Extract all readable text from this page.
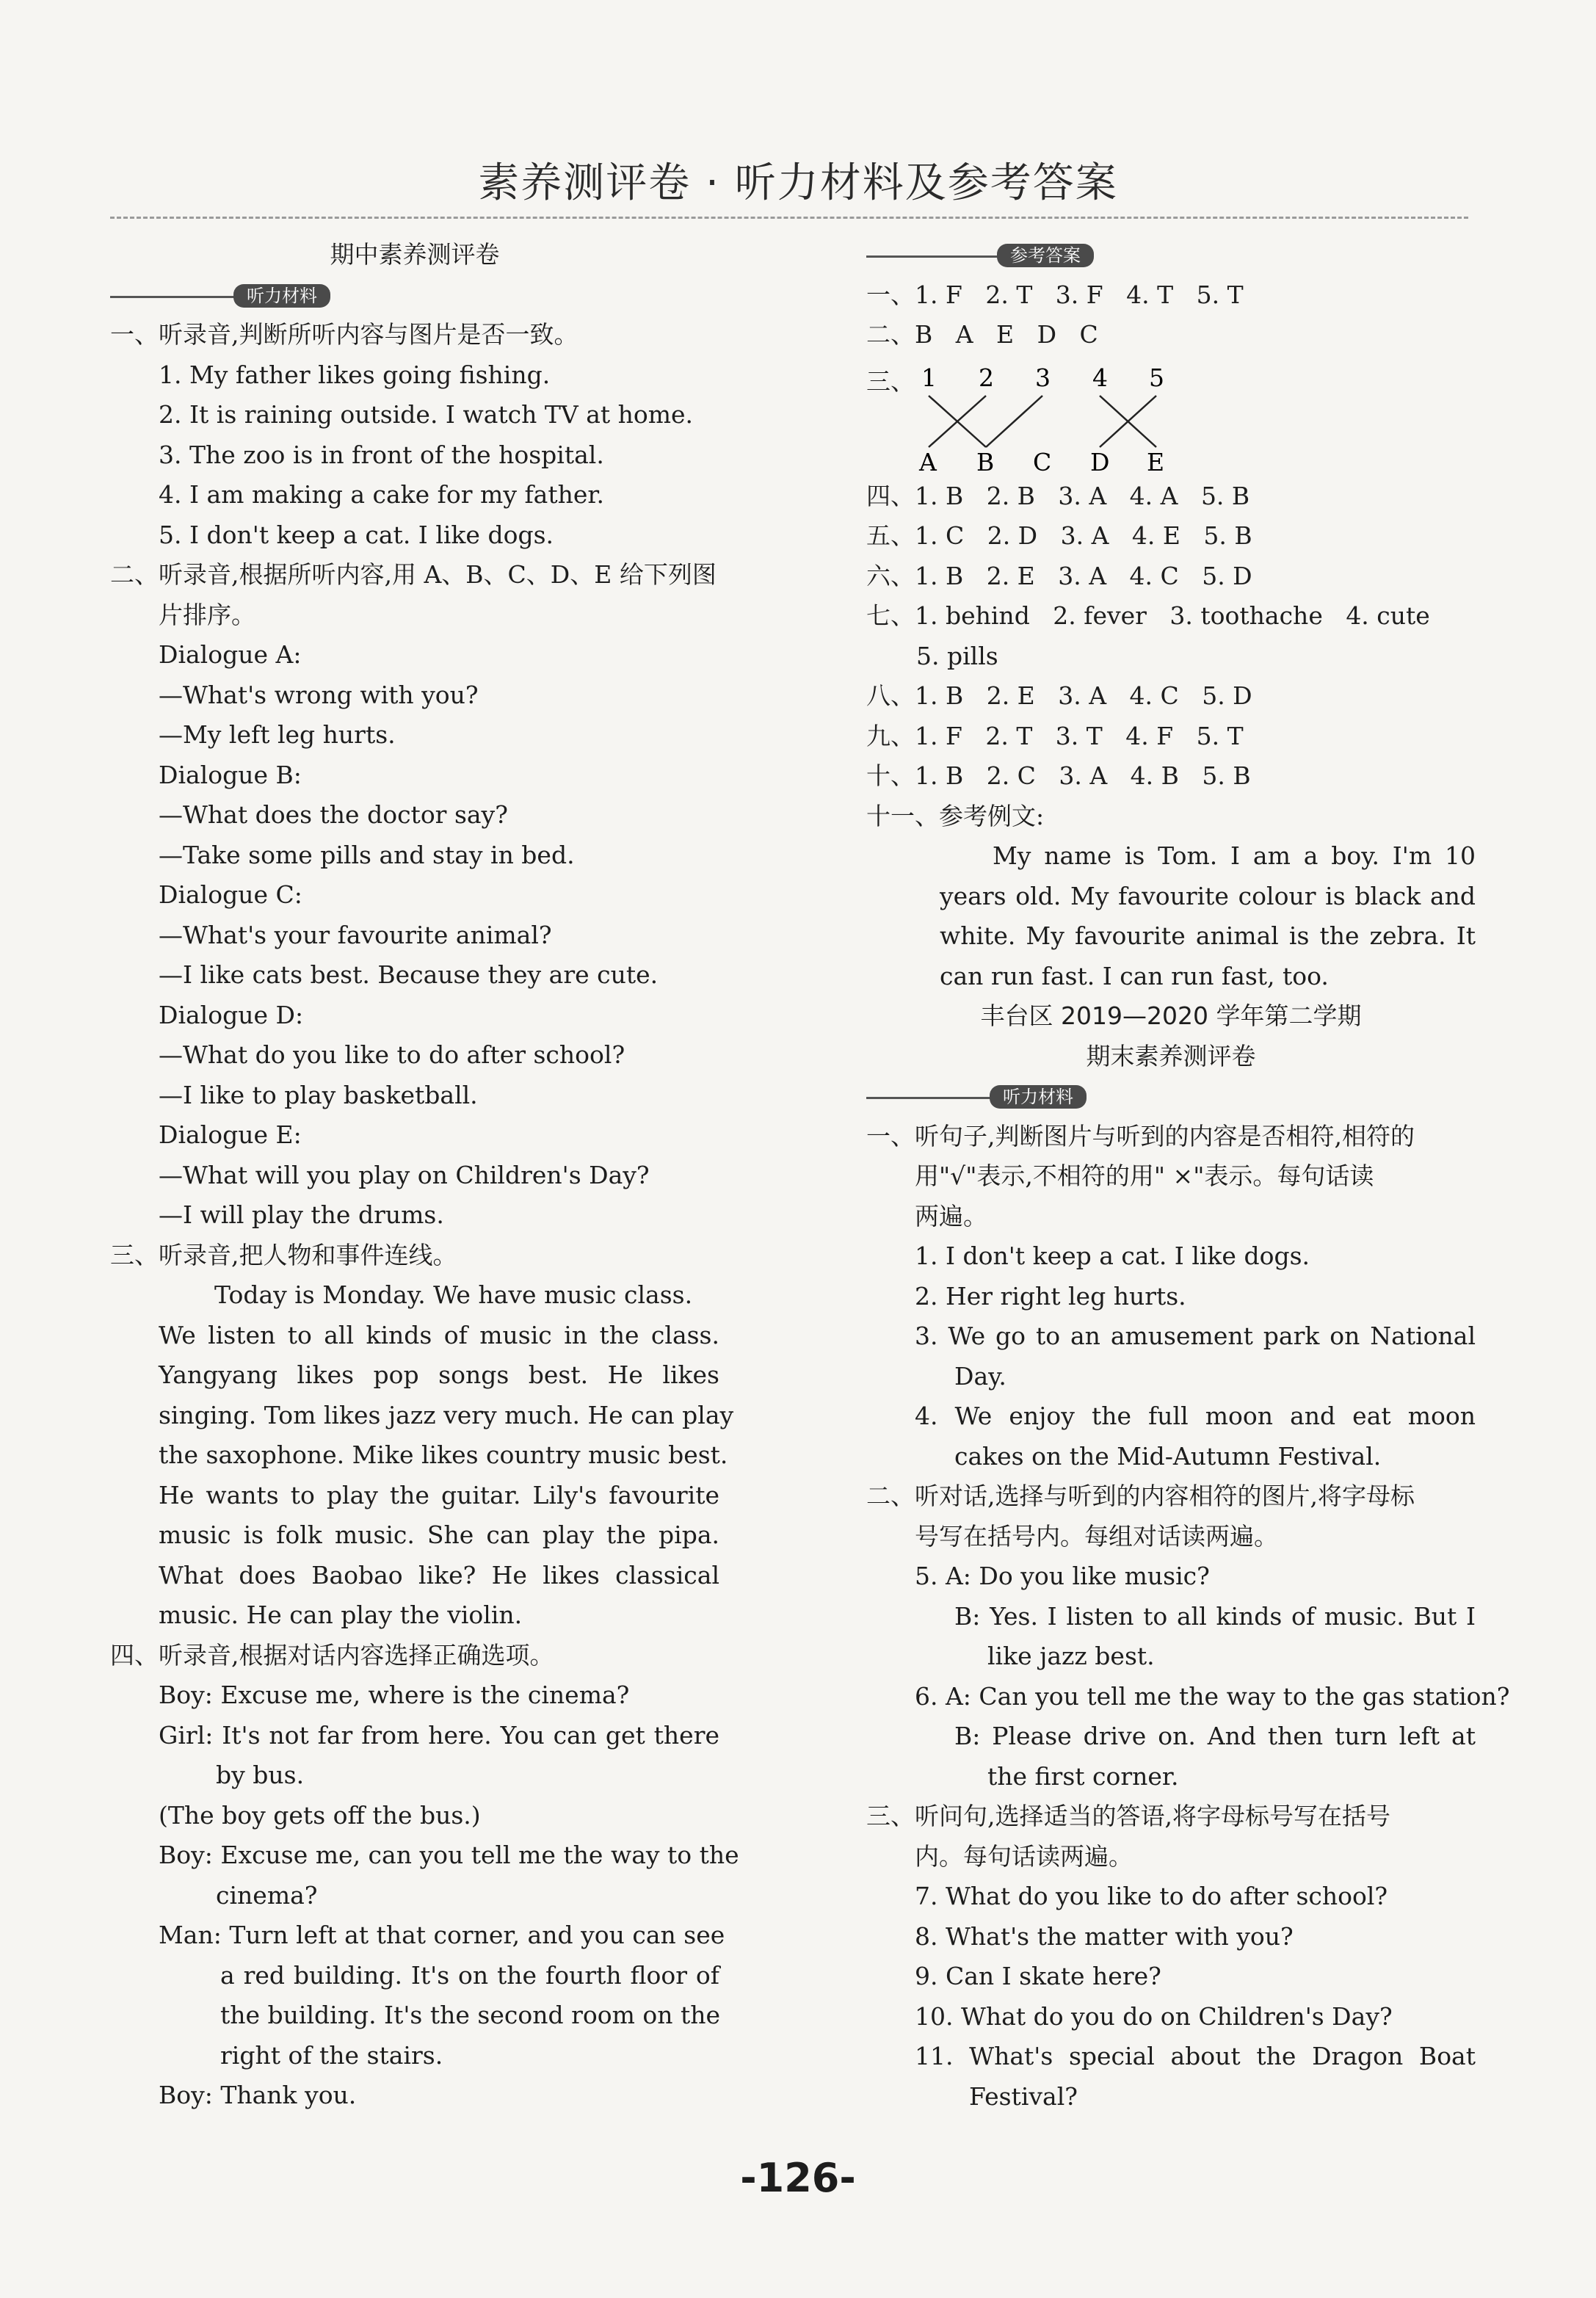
素养测评卷 · 听力材料及参考答案
期中素养测评卷
听力材料
一、听录音,判断所听内容与图片是否一致。
1. My father likes going fishing.
2. It is raining outside. I watch TV at home.
3. The zoo is in front of the hospital.
4. I am making a cake for my father.
5. I don't keep a cat. I like dogs.
二、听录音,根据所听内容,用 A、B、C、D、E 给下列图
片排序。
Dialogue A:
—What's wrong with you?
—My left leg hurts.
Dialogue B:
—What does the doctor say?
—Take some pills and stay in bed.
Dialogue C:
—What's your favourite animal?
—I like cats best. Because they are cute.
Dialogue D:
—What do you like to do after school?
—I like to play basketball.
Dialogue E:
—What will you play on Children's Day?
—I will play the drums.
三、听录音,把人物和事件连线。
Today is Monday. We have music class.
We listen to all kinds of music in the class.
Yangyang likes pop songs best. He likes
singing. Tom likes jazz very much. He can play
the saxophone. Mike likes country music best.
He wants to play the guitar. Lily's favourite
music is folk music. She can play the pipa.
What does Baobao like? He likes classical
music. He can play the violin.
四、听录音,根据对话内容选择正确选项。
Boy: Excuse me, where is the cinema?
Girl: It's not far from here. You can get there
by bus.
(The boy gets off the bus.)
Boy: Excuse me, can you tell me the way to the
cinema?
Man: Turn left at that corner, and you can see
a red building. It's on the fourth floor of
the building. It's the second room on the
right of the stairs.
Boy: Thank you.
参考答案
一、1. F   2. T   3. F   4. T   5. T
二、B   A   E   D   C
三、 1 2 3 4 5
A B C D E
四、1. B   2. B   3. A   4. A   5. B
五、1. C   2. D   3. A   4. E   5. B
六、1. B   2. E   3. A   4. C   5. D
七、1. behind   2. fever   3. toothache   4. cute
5. pills
八、1. B   2. E   3. A   4. C   5. D
九、1. F   2. T   3. T   4. F   5. T
十、1. B   2. C   3. A   4. B   5. B
十一、参考例文:
My name is Tom. I am a boy. I'm 10
years old. My favourite colour is black and
white. My favourite animal is the zebra. It
can run fast. I can run fast, too.
丰台区 2019—2020 学年第二学期
期末素养测评卷
听力材料
一、听句子,判断图片与听到的内容是否相符,相符的
用"√"表示,不相符的用" ×"表示。每句话读
两遍。
1. I don't keep a cat. I like dogs.
2. Her right leg hurts.
3. We go to an amusement park on National
Day.
4. We enjoy the full moon and eat moon
cakes on the Mid-Autumn Festival.
二、听对话,选择与听到的内容相符的图片,将字母标
号写在括号内。每组对话读两遍。
5. A: Do you like music?
B: Yes. I listen to all kinds of music. But I
like jazz best.
6. A: Can you tell me the way to the gas station?
B: Please drive on. And then turn left at
the first corner.
三、听问句,选择适当的答语,将字母标号写在括号
内。每句话读两遍。
7. What do you like to do after school?
8. What's the matter with you?
9. Can I skate here?
10. What do you do on Children's Day?
11. What's special about the Dragon Boat
Festival?
-126-
